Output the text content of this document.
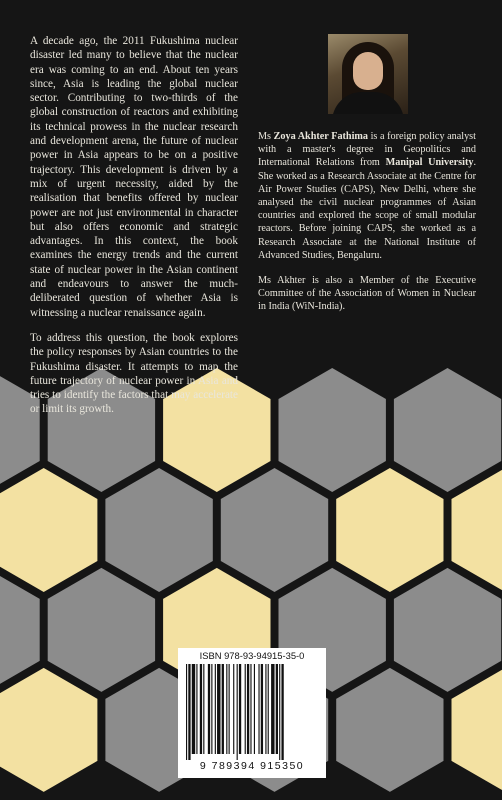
A decade ago, the 2011 Fukushima nuclear disaster led many to believe that the nuclear era was coming to an end. About ten years since, Asia is leading the global nuclear sector. Contributing to two-thirds of the global construction of reactors and exhibiting its technical prowess in the nuclear research and development arena, the future of nuclear power in Asia appears to be on a positive trajectory. This development is driven by a mix of urgent necessity, aided by the realisation that benefits offered by nuclear power are not just environmental in character but also offers economic and strategic advantages. In this context, the book examines the energy trends and the current state of nuclear power in the Asian continent and endeavours to answer the much-deliberated question of whether Asia is witnessing a nuclear renaissance again.

To address this question, the book explores the policy responses by Asian countries to the Fukushima disaster. It attempts to map the future trajectory of nuclear power in Asia and tries to identify the factors that may accelerate or limit its growth.

Ms Zoya Akhter Fathima is a foreign policy analyst with a master's degree in Geopolitics and International Relations from Manipal University. She worked as a Research Associate at the Centre for Air Power Studies (CAPS), New Delhi, where she analysed the civil nuclear programmes of Asian countries and explored the scope of small modular reactors. Before joining CAPS, she worked as a Research Associate at the National Institute of Advanced Studies, Bengaluru.

Ms Akhter is also a Member of the Executive Committee of the Association of Women in Nuclear in India (WiN-India).

ISBN 978-93-94915-35-0
9 789394 915350
